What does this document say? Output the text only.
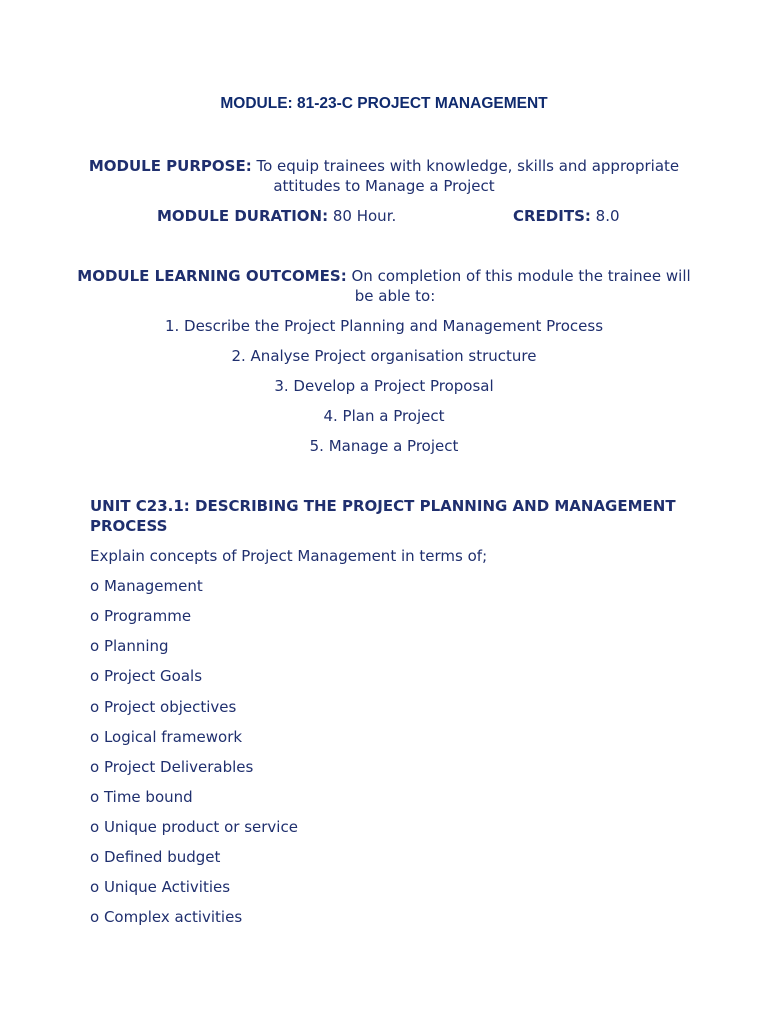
MODULE: 81-23-C PROJECT MANAGEMENT
MODULE PURPOSE: To equip trainees with knowledge, skills and appropriate
attitudes to Manage a Project
MODULE DURATION: 80 Hour.	CREDITS: 8.0
MODULE LEARNING OUTCOMES: On completion of this module the trainee will
be able to:
1. Describe the Project Planning and Management Process
2. Analyse Project organisation structure
3. Develop a Project Proposal
4. Plan a Project
5. Manage a Project
UNIT C23.1: DESCRIBING THE PROJECT PLANNING AND MANAGEMENT
PROCESS
Explain concepts of Project Management in terms of;
o Management
o Programme
o Planning
o Project Goals
o Project objectives
o Logical framework
o Project Deliverables
o Time bound
o Unique product or service
o Defined budget
o Unique Activities
o Complex activities
